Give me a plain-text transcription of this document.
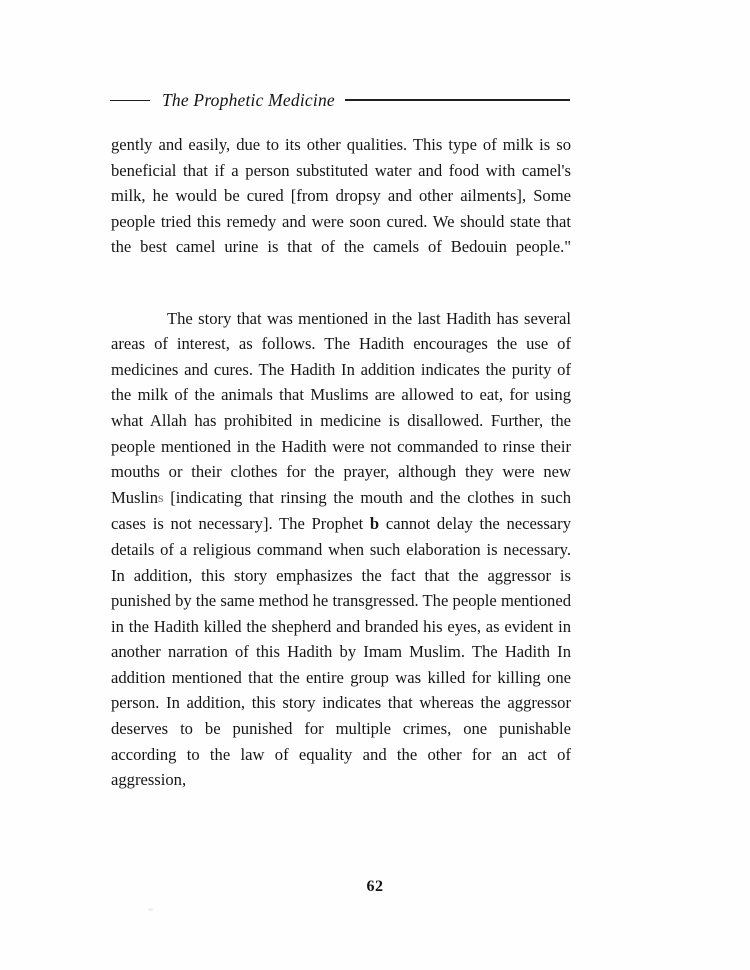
The Prophetic Medicine

gently and easily, due to its other qualities. This type of milk is so beneficial that if a person substituted water and food with camel's milk, he would be cured [from dropsy and other ailments], Some people tried this remedy and were soon cured. We should state that the best camel urine is that of the camels of Bedouin people."

The story that was mentioned in the last Hadith has several areas of interest, as follows. The Hadith encourages the use of medicines and cures. The Hadith In addition indicates the purity of the milk of the animals that Muslims are allowed to eat, for using what Allah has prohibited in medicine is disallowed. Further, the people mentioned in the Hadith were not commanded to rinse their mouths or their clothes for the prayer, although they were new Muslins [indicating that rinsing the mouth and the clothes in such cases is not necessary]. The Prophet b cannot delay the necessary details of a religious command when such elaboration is necessary. In addition, this story emphasizes the fact that the aggressor is punished by the same method he transgressed. The people mentioned in the Hadith killed the shepherd and branded his eyes, as evident in another narration of this Hadith by Imam Muslim. The Hadith In addition mentioned that the entire group was killed for killing one person. In addition, this story indicates that whereas the aggressor deserves to be punished for multiple crimes, one punishable according to the law of equality and the other for an act of aggression,

62
